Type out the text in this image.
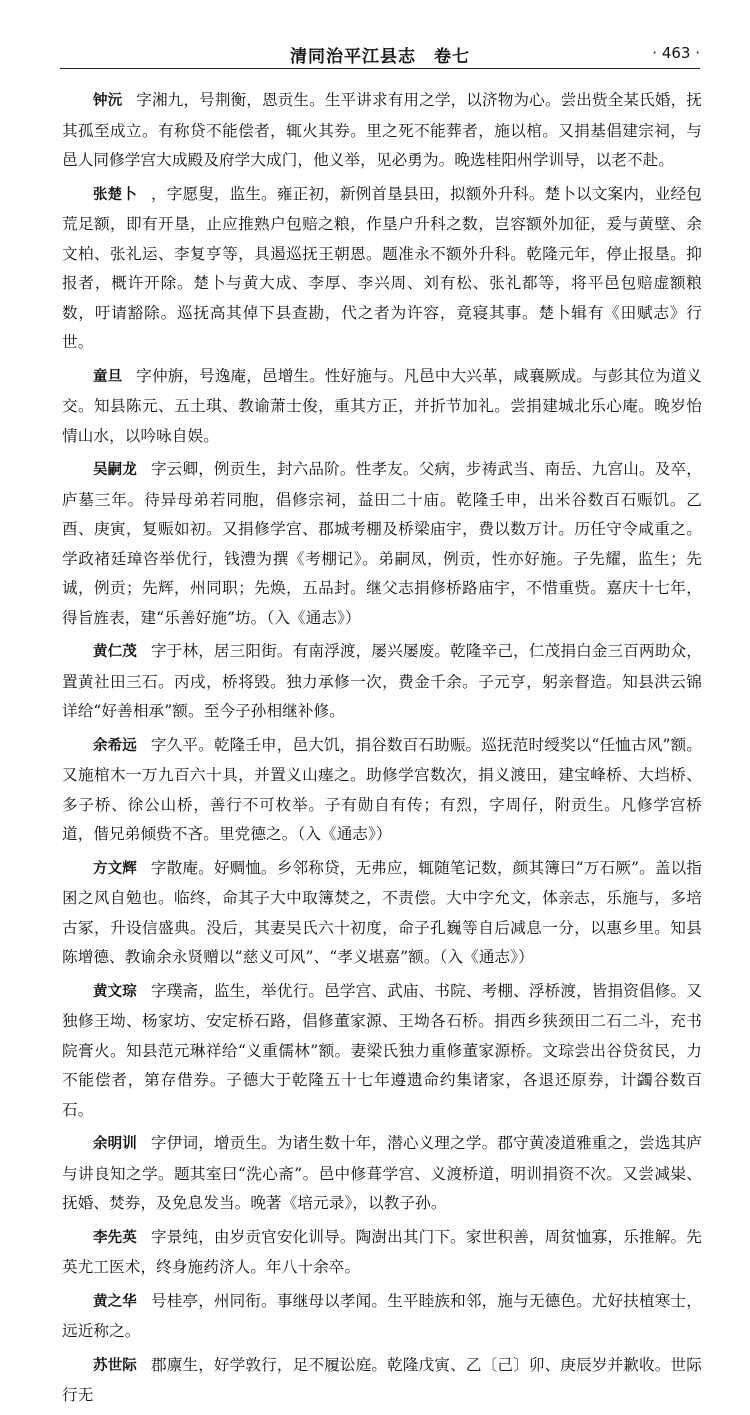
清同治平江县志　卷七	· 463 ·

钟沅 字湘九，号荆衡，恩贡生。生平讲求有用之学，以济物为心。尝出赀全某氏婚，抚其孤至成立。有称贷不能偿者，辄火其券。里之死不能葬者，施以棺。又捐基倡建宗祠，与邑人同修学宫大成殿及府学大成门，他义举，见必勇为。晚选桂阳州学训导，以老不赴。

张楚卜 ，字愿叟，监生。雍正初，新例首垦县田，拟额外升科。楚卜以文案内，业经包荒足额，即有开垦，止应推熟户包赔之粮，作垦户升科之数，岂容额外加征，爰与黄壁、余文柏、张礼运、李复亨等，具遏巡抚王朝恩。题准永不额外升科。乾隆元年，停止报垦。抑报者，概许开除。楚卜与黄大成、李厚、李兴周、刘有松、张礼都等，将平邑包赔虚额粮数，吁请豁除。巡抚高其倬下县查勘，代之者为许容，竟寝其事。楚卜辑有《田赋志》行世。

童旦 字仲旃，号逸庵，邑增生。性好施与。凡邑中大兴革，咸襄厥成。与彭其位为道义交。知县陈元、五土琪、教谕萧士俊，重其方正，并折节加礼。尝捐建城北乐心庵。晚岁怡情山水，以吟咏自娱。

吴嗣龙 字云卿，例贡生，封六品阶。性孝友。父病，步祷武当、南岳、九宫山。及卒，庐墓三年。待异母弟若同胞，倡修宗祠，益田二十庙。乾隆壬申，出米谷数百石赈饥。乙酉、庚寅，复赈如初。又捐修学宫、郡城考棚及桥梁庙宇，费以数万计。历任守令咸重之。学政褚廷璋咨举优行，钱澧为撰《考棚记》。弟嗣凤，例贡，性亦好施。子先耀，监生；先诚，例贡；先辉，州同职；先焕，五品封。继父志捐修桥路庙宇，不惜重赀。嘉庆十七年，得旨旌表，建“乐善好施”坊。（入《通志》）

黄仁茂 字于林，居三阳街。有南浮渡，屡兴屡废。乾隆辛己，仁茂捐白金三百两助众，置黄社田三石。丙戌，桥将毁。独力承修一次，费金千余。子元亨，躬亲督造。知县洪云锦详给“好善相承”额。至今子孙相继补修。

余希远 字久平。乾隆壬申，邑大饥，捐谷数百石助赈。巡抚范时绶奖以“任恤古风”额。又施棺木一万九百六十具，并置义山瘗之。助修学宫数次，捐义渡田，建宝峰桥、大垱桥、多子桥、徐公山桥，善行不可枚举。子有勋自有传；有烈，字周仔，附贡生。凡修学宫桥道，偕兄弟倾赀不吝。里党德之。（入《通志》）

方文辉 字散庵。好赒恤。乡邻称贷，无弗应，辄随笔记数，颜其簿曰“万石厥”。盖以指囷之风自勉也。临终，命其子大中取簿焚之，不责偿。大中字允文，体亲志，乐施与，多培古冢，升设信盛典。没后，其妻吴氏六十初度，命子孔巍等自后减息一分，以惠乡里。知县陈增德、教谕余永贤赠以“慈义可风”、“孝义堪嘉”额。（入《通志》）

黄文琮 字璞斋，监生，举优行。邑学宫、武庙、书院、考棚、浮桥渡，皆捐资倡修。又独修王坳、杨家坊、安定桥石路，倡修董家源、王坳各石桥。捐西乡狭颈田二石二斗，充书院膏火。知县范元琳祥给“义重儒林”额。妻梁氏独力重修董家源桥。文琮尝出谷贷贫民，力不能偿者，第存借券。子德大于乾隆五十七年遵遗命约集诸家，各退还原券，计蠲谷数百石。

余明训 字伊词，增贡生。为诸生数十年，潜心义理之学。郡守黄凌道雅重之，尝选其庐与讲良知之学。题其室曰“洗心斋”。邑中修葺学宫、义渡桥道，明训捐资不次。又尝减粜、抚婚、焚券，及免息发当。晚著《培元录》，以教子孙。

李先英 字景纯，由岁贡官安化训导。陶澍出其门下。家世积善，周贫恤寡，乐推解。先英尤工医术，终身施药济人。年八十余卒。

黄之华 号桂亭，州同衔。事继母以孝闻。生平睦族和邻，施与无德色。尤好扶植寒士，远近称之。

苏世际 郡廪生，好学敦行，足不履讼庭。乾隆戊寅、乙〔己〕卯、庚辰岁并歉收。世际行无
